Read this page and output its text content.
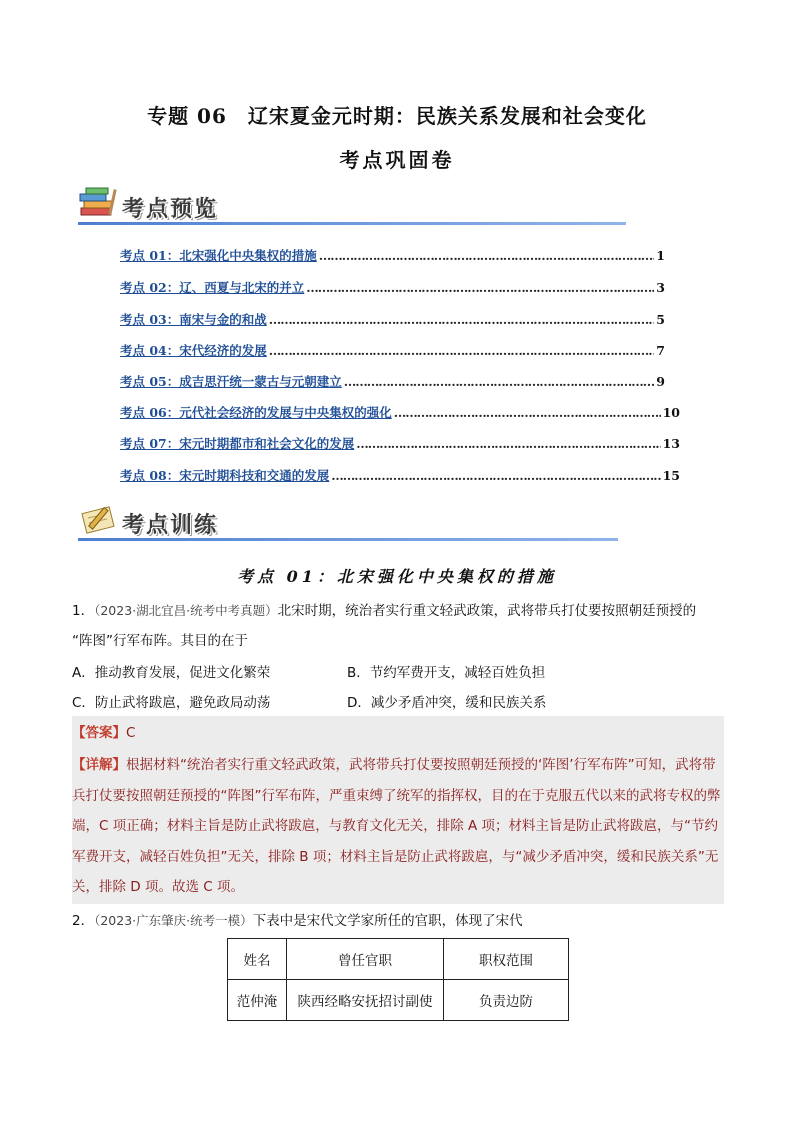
专题 06　辽宋夏金元时期：民族关系发展和社会变化
考点巩固卷
考点预览
考点 01：北宋强化中央集权的措施 ……………………………………………………………………………………………………………………………………	1
考点 02：辽、西夏与北宋的并立 ……………………………………………………………………………………………………………………………………	3
考点 03：南宋与金的和战 ……………………………………………………………………………………………………………………………………	5
考点 04：宋代经济的发展 ……………………………………………………………………………………………………………………………………	7
考点 05：成吉思汗统一蒙古与元朝建立 ……………………………………………………………………………………………………………………………………	9
考点 06：元代社会经济的发展与中央集权的强化 ……………………………………………………………………………………………………………………………………	10
考点 07：宋元时期都市和社会文化的发展 ……………………………………………………………………………………………………………………………………	13
考点 08：宋元时期科技和交通的发展 ……………………………………………………………………………………………………………………………………	15
考点训练
考点 01：北宋强化中央集权的措施
1．（2023·湖北宜昌·统考中考真题）北宋时期，统治者实行重文轻武政策，武将带兵打仗要按照朝廷预授的
“阵图”行军布阵。其目的在于
A．推动教育发展，促进文化繁荣	B．节约军费开支，减轻百姓负担
C．防止武将跋扈，避免政局动荡	D．减少矛盾冲突，缓和民族关系
【答案】C
【详解】根据材料“统治者实行重文轻武政策，武将带兵打仗要按照朝廷预授的‘阵图’行军布阵”可知，武将带兵打仗要按照朝廷预授的“阵图”行军布阵，严重束缚了统军的指挥权，目的在于克服五代以来的武将专权的弊端，C 项正确；材料主旨是防止武将跋扈，与教育文化无关，排除 A 项；材料主旨是防止武将跋扈，与“节约军费开支，减轻百姓负担”无关，排除 B 项；材料主旨是防止武将跋扈，与“减少矛盾冲突，缓和民族关系”无关，排除 D 项。故选 C 项。
2．（2023·广东肇庆·统考一模）下表中是宋代文学家所任的官职，体现了宋代
姓名	曾任官职	职权范围
范仲淹	陕西经略安抚招讨副使	负责边防
